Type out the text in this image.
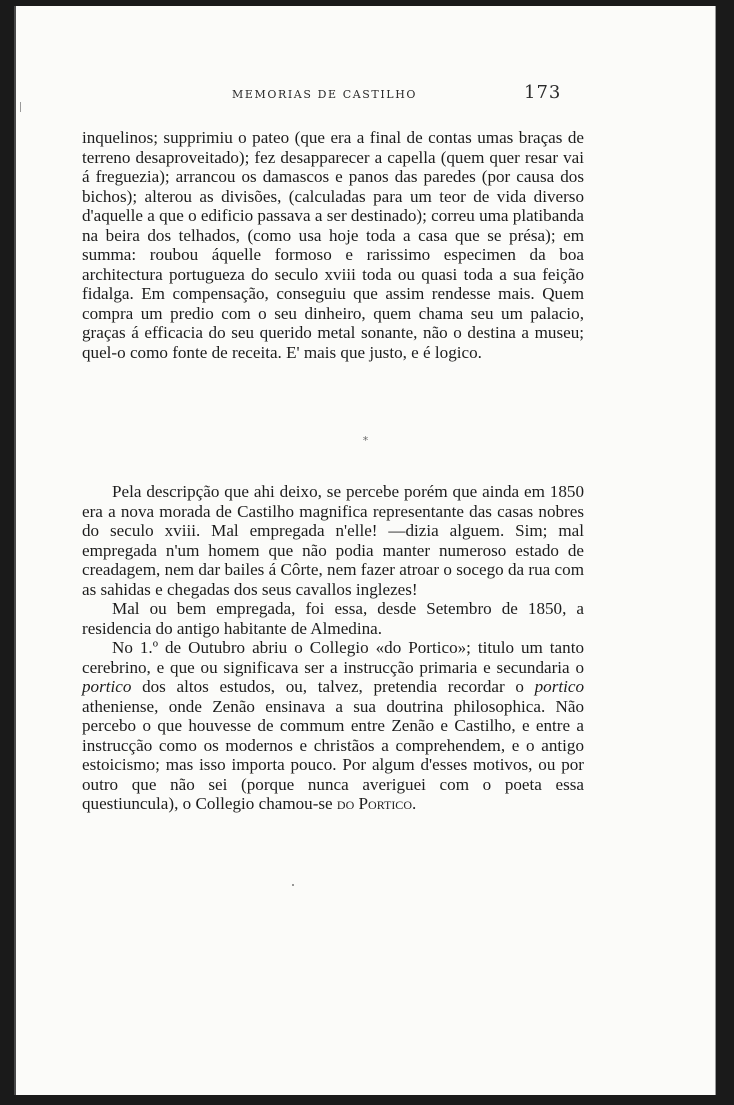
MEMORIAS DE CASTILHO	173

inquelinos; supprimiu o pateo (que era a final de contas umas braças de terreno desaproveitado); fez desapparecer a capella (quem quer resar vai á freguezia); arrancou os damascos e panos das paredes (por causa dos bichos); alterou as divisões, (calculadas para um teor de vida diverso d'aquelle a que o edificio passava a ser destinado); correu uma platibanda na beira dos telhados, (como usa hoje toda a casa que se présa); em summa: roubou áquelle formoso e rarissimo especimen da boa architectura portugueza do seculo xviii toda ou quasi toda a sua feição fidalga. Em compensação, conseguiu que assim rendesse mais. Quem compra um predio com o seu dinheiro, quem chama seu um palacio, graças á efficacia do seu querido metal sonante, não o destina a museu; quel-o como fonte de receita. E' mais que justo, e é logico.

*

Pela descripção que ahi deixo, se percebe porém que ainda em 1850 era a nova morada de Castilho magnifica representante das casas nobres do seculo xviii. Mal empregada n'elle! —dizia alguem. Sim; mal empregada n'um homem que não podia manter numeroso estado de creadagem, nem dar bailes á Côrte, nem fazer atroar o socego da rua com as sahidas e chegadas dos seus cavallos inglezes!

Mal ou bem empregada, foi essa, desde Setembro de 1850, a residencia do antigo habitante de Almedina.

No 1.º de Outubro abriu o Collegio «do Portico»; titulo um tanto cerebrino, e que ou significava ser a instrucção primaria e secundaria o portico dos altos estudos, ou, talvez, pretendia recordar o portico atheniense, onde Zenão ensinava a sua doutrina philosophica. Não percebo o que houvesse de commum entre Zenão e Castilho, e entre a instrucção como os modernos e christãos a comprehendem, e o antigo estoicismo; mas isso importa pouco. Por algum d'esses motivos, ou por outro que não sei (porque nunca averiguei com o poeta essa questiuncula), o Collegio chamou-se do Portico.
